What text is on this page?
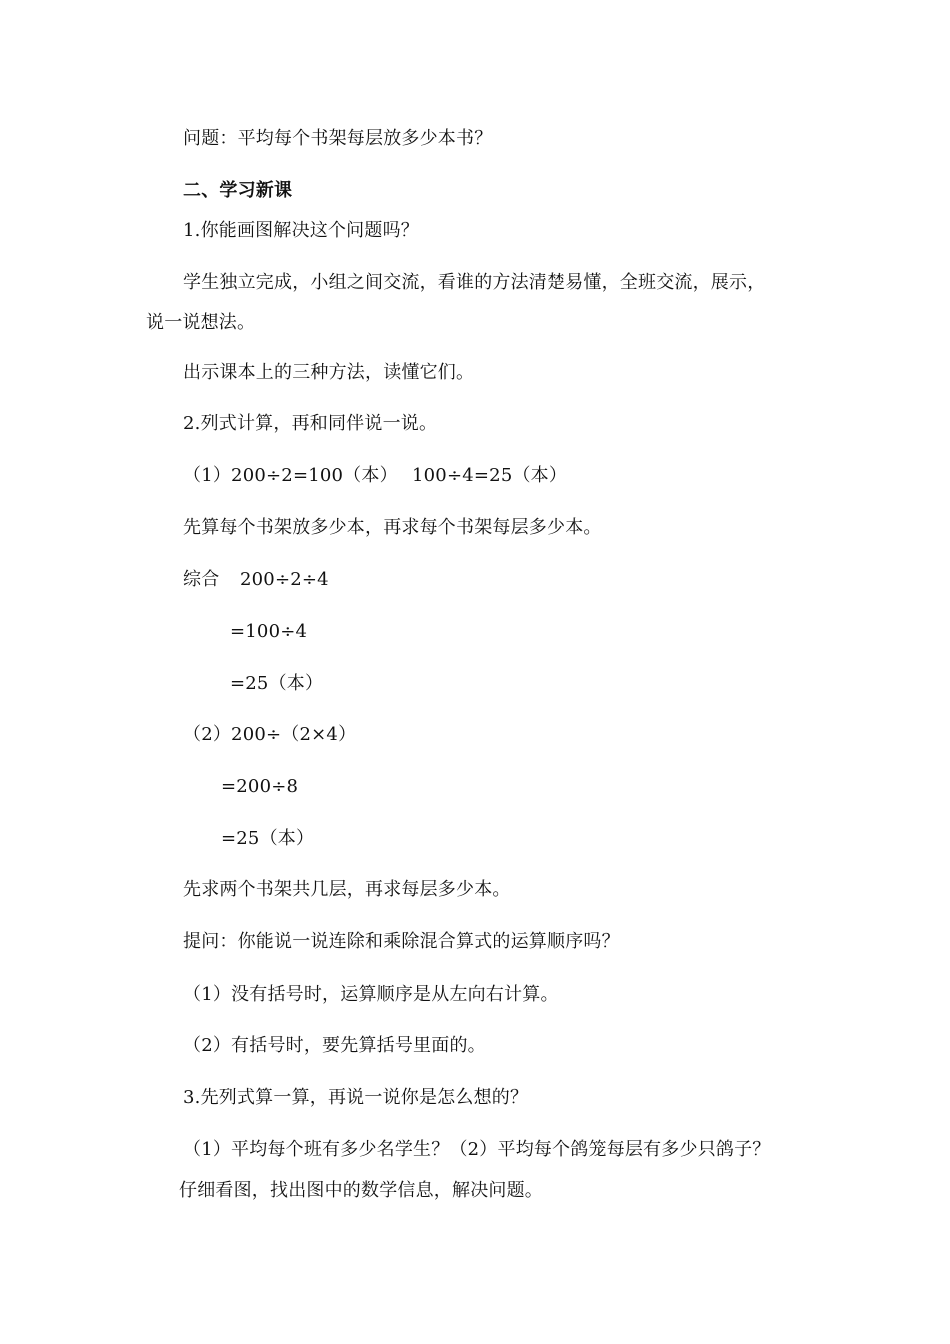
问题：平均每个书架每层放多少本书？
二、学习新课
1.你能画图解决这个问题吗？
学生独立完成，小组之间交流，看谁的方法清楚易懂，全班交流，展示，
说一说想法。
出示课本上的三种方法，读懂它们。
2.列式计算，再和同伴说一说。
（1）200÷2=100（本） 100÷4=25（本）
先算每个书架放多少本，再求每个书架每层多少本。
综合 200÷2÷4
=100÷4
=25（本）
（2）200÷（2×4）
=200÷8
=25（本）
先求两个书架共几层，再求每层多少本。
提问：你能说一说连除和乘除混合算式的运算顺序吗？
（1）没有括号时，运算顺序是从左向右计算。
（2）有括号时，要先算括号里面的。
3.先列式算一算，再说一说你是怎么想的？
（1）平均每个班有多少名学生？（2）平均每个鸽笼每层有多少只鸽子？
仔细看图，找出图中的数学信息，解决问题。
